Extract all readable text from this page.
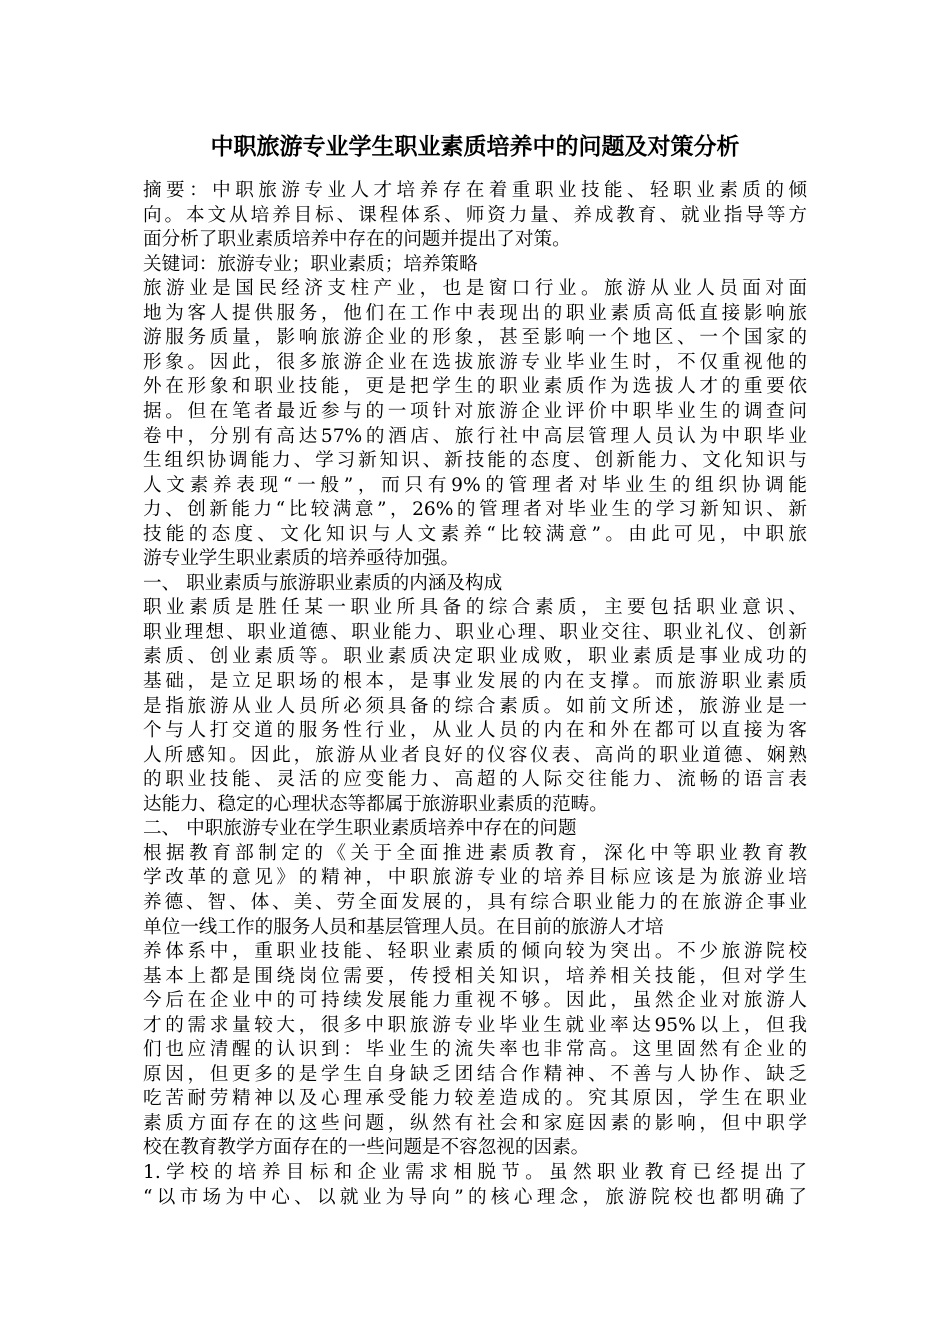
中职旅游专业学生职业素质培养中的问题及对策分析
摘要：中职旅游专业人才培养存在着重职业技能、轻职业素质的倾
向。本文从培养目标、课程体系、师资力量、养成教育、就业指导等方
面分析了职业素质培养中存在的问题并提出了对策。
关键词：旅游专业；职业素质；培养策略
旅游业是国民经济支柱产业，也是窗口行业。旅游从业人员面对面
地为客人提供服务，他们在工作中表现出的职业素质高低直接影响旅
游服务质量，影响旅游企业的形象，甚至影响一个地区、一个国家的
形象。因此，很多旅游企业在选拔旅游专业毕业生时，不仅重视他的
外在形象和职业技能，更是把学生的职业素质作为选拔人才的重要依
据。但在笔者最近参与的一项针对旅游企业评价中职毕业生的调查问
卷中，分别有高达57%的酒店、旅行社中高层管理人员认为中职毕业
生组织协调能力、学习新知识、新技能的态度、创新能力、文化知识与
人文素养表现“一般”，而只有9%的管理者对毕业生的组织协调能
力、创新能力“比较满意”，26%的管理者对毕业生的学习新知识、新
技能的态度、文化知识与人文素养“比较满意”。由此可见，中职旅
游专业学生职业素质的培养亟待加强。
一、 职业素质与旅游职业素质的内涵及构成
职业素质是胜任某一职业所具备的综合素质，主要包括职业意识、
职业理想、职业道德、职业能力、职业心理、职业交往、职业礼仪、创新
素质、创业素质等。职业素质决定职业成败，职业素质是事业成功的
基础，是立足职场的根本，是事业发展的内在支撑。而旅游职业素质
是指旅游从业人员所必须具备的综合素质。如前文所述，旅游业是一
个与人打交道的服务性行业，从业人员的内在和外在都可以直接为客
人所感知。因此，旅游从业者良好的仪容仪表、高尚的职业道德、娴熟
的职业技能、灵活的应变能力、高超的人际交往能力、流畅的语言表
达能力、稳定的心理状态等都属于旅游职业素质的范畴。
二、 中职旅游专业在学生职业素质培养中存在的问题
根据教育部制定的《关于全面推进素质教育，深化中等职业教育教
学改革的意见》的精神，中职旅游专业的培养目标应该是为旅游业培
养德、智、体、美、劳全面发展的，具有综合职业能力的在旅游企事业
单位一线工作的服务人员和基层管理人员。在目前的旅游人才培
养体系中，重职业技能、轻职业素质的倾向较为突出。不少旅游院校
基本上都是围绕岗位需要，传授相关知识，培养相关技能，但对学生
今后在企业中的可持续发展能力重视不够。因此，虽然企业对旅游人
才的需求量较大，很多中职旅游专业毕业生就业率达95%以上，但我
们也应清醒的认识到：毕业生的流失率也非常高。这里固然有企业的
原因，但更多的是学生自身缺乏团结合作精神、不善与人协作、缺乏
吃苦耐劳精神以及心理承受能力较差造成的。究其原因，学生在职业
素质方面存在的这些问题，纵然有社会和家庭因素的影响，但中职学
校在教育教学方面存在的一些问题是不容忽视的因素。
1.学校的培养目标和企业需求相脱节。虽然职业教育已经提出了
“以市场为中心、以就业为导向”的核心理念，旅游院校也都明确了
